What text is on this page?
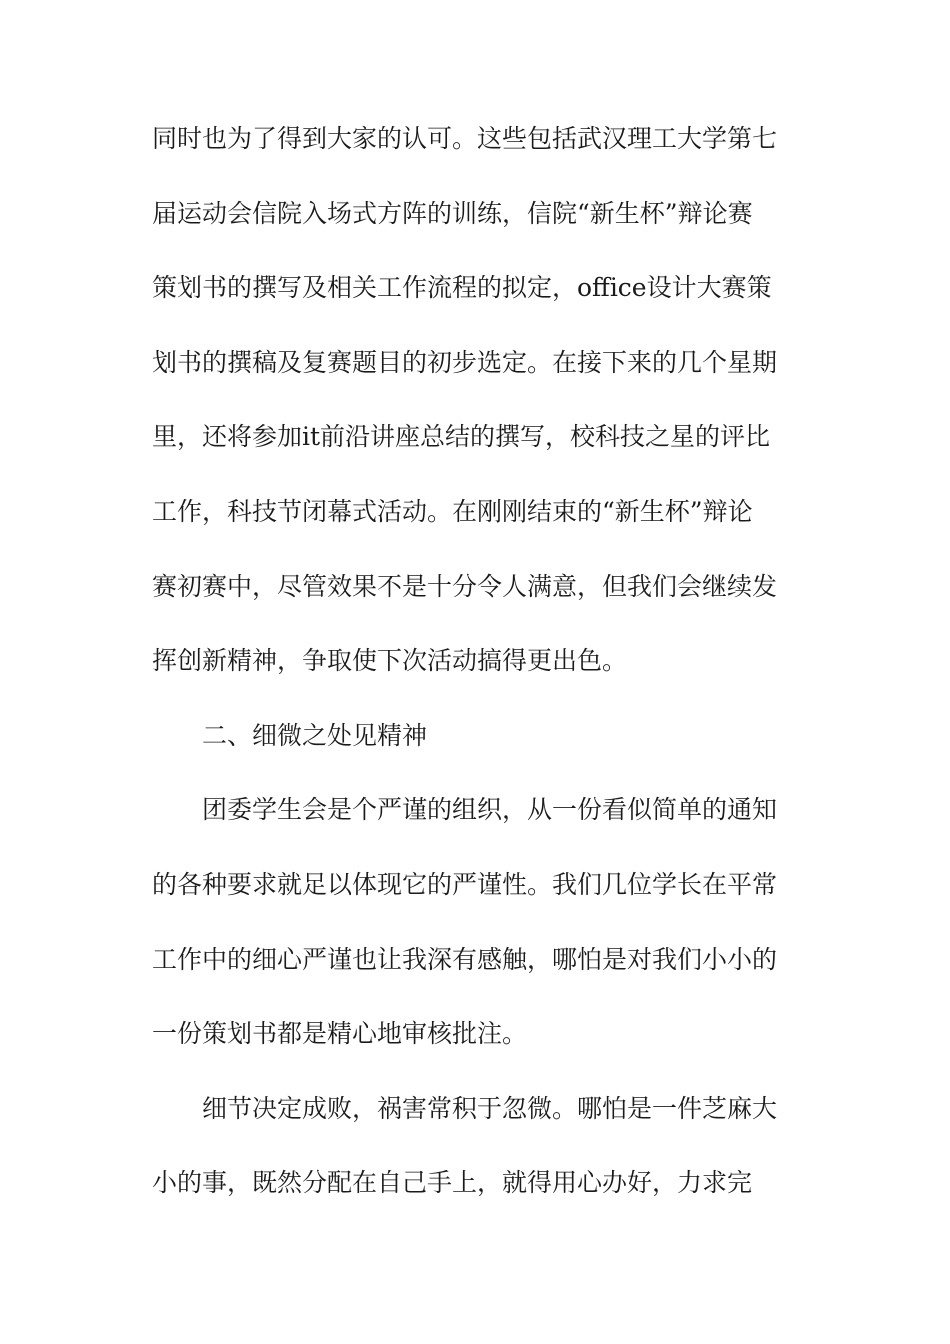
同时也为了得到大家的认可。这些包括武汉理工大学第七
届运动会信院入场式方阵的训练，信院“新生杯”辩论赛
策划书的撰写及相关工作流程的拟定，office设计大赛策
划书的撰稿及复赛题目的初步选定。在接下来的几个星期
里，还将参加it前沿讲座总结的撰写，校科技之星的评比
工作，科技节闭幕式活动。在刚刚结束的“新生杯”辩论
赛初赛中，尽管效果不是十分令人满意，但我们会继续发
挥创新精神，争取使下次活动搞得更出色。
二、细微之处见精神
团委学生会是个严谨的组织，从一份看似简单的通知
的各种要求就足以体现它的严谨性。我们几位学长在平常
工作中的细心严谨也让我深有感触，哪怕是对我们小小的
一份策划书都是精心地审核批注。
细节决定成败，祸害常积于忽微。哪怕是一件芝麻大
小的事，既然分配在自己手上，就得用心办好，力求完
